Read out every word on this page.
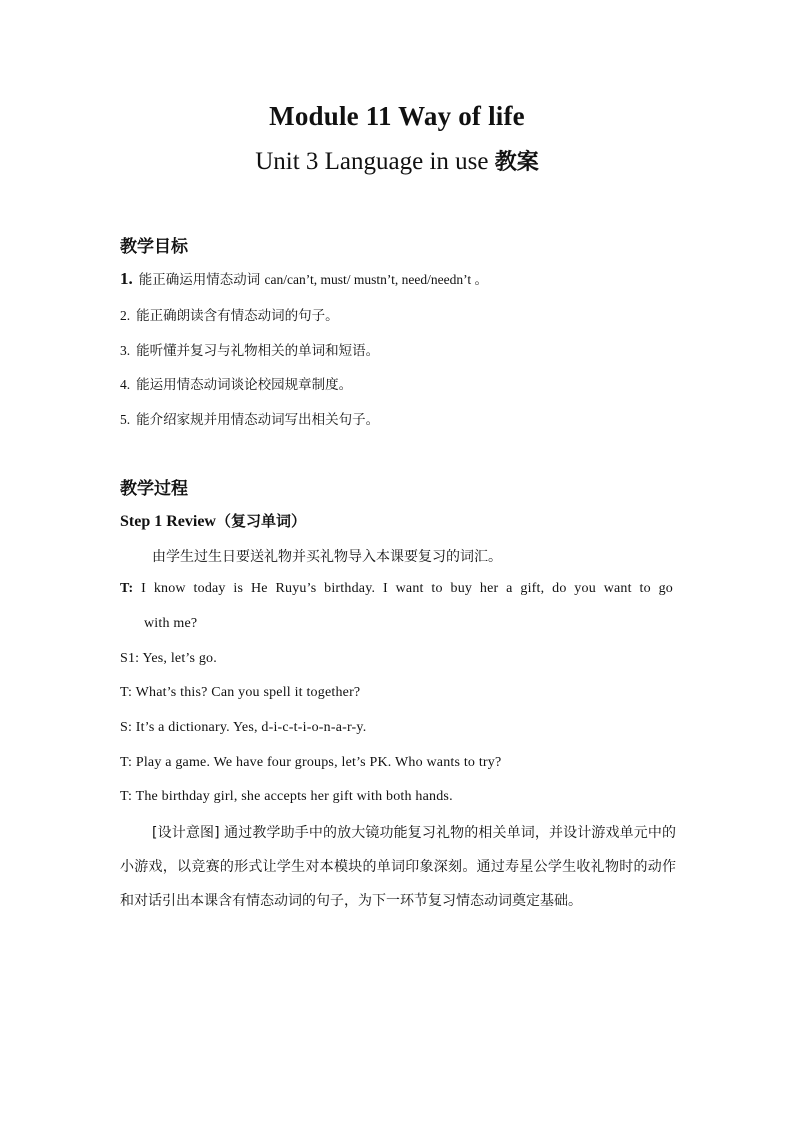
Module 11 Way of life
Unit 3 Language in use 教案
教学目标
1. 能正确运用情态动词 can/can’t, must/ mustn’t, need/needn’t 。
2. 能正确朗读含有情态动词的句子。
3. 能听懂并复习与礼物相关的单词和短语。
4. 能运用情态动词谈论校园规章制度。
5. 能介绍家规并用情态动词写出相关句子。
教学过程
Step 1 Review（复习单词）
由学生过生日要送礼物并买礼物导入本课要复习的词汇。
T: I know today is He Ruyu’s birthday. I want to buy her a gift, do you want to go
with me?
S1: Yes, let’s go.
T: What’s this? Can you spell it together?
S: It’s a dictionary. Yes, d-i-c-t-i-o-n-a-r-y.
T: Play a game. We have four groups, let’s PK. Who wants to try?
T: The birthday girl, she accepts her gift with both hands.
[设计意图] 通过教学助手中的放大镜功能复习礼物的相关单词，并设计游戏单元中的小游戏，以竞赛的形式让学生对本模块的单词印象深刻。通过寿星公学生收礼物时的动作和对话引出本课含有情态动词的句子，为下一环节复习情态动词奠定基础。
